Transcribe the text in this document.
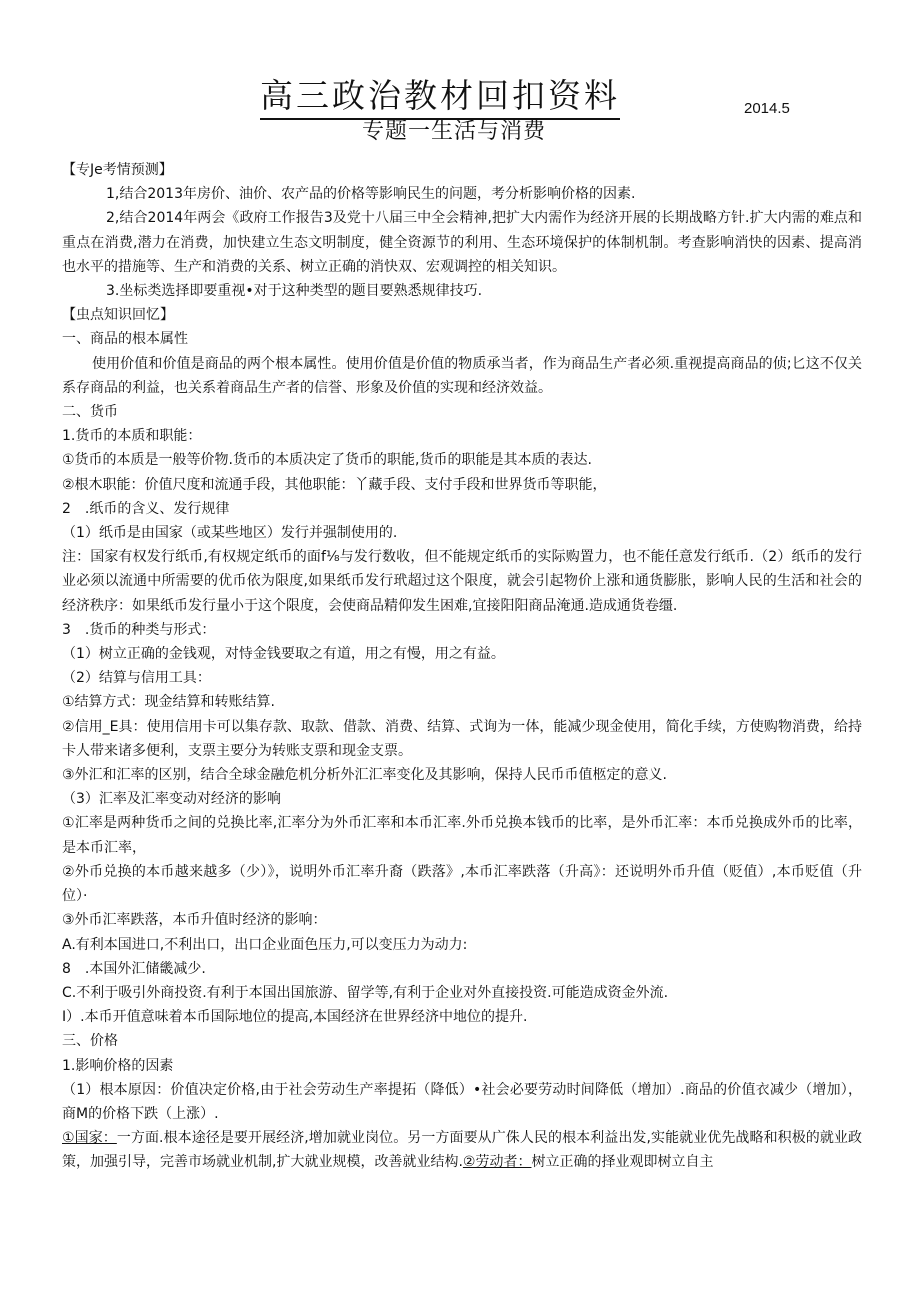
高三政治教材回扣资料	2014.5
专题一生活与消费

【专Je考情预测】

1,结合2013年房价、油价、农产品的价格等影响民生的问题，考分析影响价格的因素.

2,结合2014年两会《政府工作报告3及党十八届三中全会精神,把扩大内需作为经济开展的长期战略方针.扩大内需的难点和重点在消费,潜力在消费，加快建立生态文明制度，健全资源节的利用、生态环境保护的体制机制。考查影响消快的因素、提高消也水平的措施等、生产和消费的关系、树立正确的消快双、宏观调控的相关知识。

3.坐标类选择即要重视•对于这种类型的题目要熟悉规律技巧.

【虫点知识回忆】

一、商品的根本属性

使用价值和价值是商品的两个根本属性。使用价值是价值的物质承当者，作为商品生产者必须.重视提高商品的侦;匕这不仅关系存商品的利益，也关系着商品生产者的信誉、形象及价值的实现和经济效益。

二、货币

1.货币的本质和职能：

①货币的本质是一般等价物.货币的本质决定了货币的职能,货币的职能是其本质的表达.

②根木职能：价值尺度和流通手段，其他职能：丫藏手段、支付手段和世界货币等职能，

2　.纸币的含义、发行规律

（1）纸币是由国家（或某些地区）发行并强制使用的.

注：国家有权发行纸币,有权规定纸币的面f⅛与发行数收，但不能规定纸币的实际购置力，也不能任意发行纸币.（2）纸币的发行业必须以流通中所需要的优币依为限度,如果纸币发行玳超过这个限度，就会引起物价上涨和通货膨胀，影响人民的生活和社会的经济秩序：如果纸币发行量小于这个限度，会使商品精仰发生困难,宜接阳阳商品淹通.造成通货卷缰.

3　.货币的种类与形式：

（1）树立正确的金钱观，对恃金钱要取之有道，用之有慢，用之有益。

（2）结算与信用工具：

①结算方式：现金结算和转账结算.

②信用_E具：使用信用卡可以集存款、取款、借款、消费、结算、式询为一体，能减少现金使用，简化手续，方使购物消费，给持卡人带来诸多便利，支票主要分为转账支票和现金支票。

③外汇和汇率的区别，结合全球金融危机分析外汇汇率变化及其影响，保持人民币币值柩定的意义.

（3）汇率及汇率变动对经济的影响

①汇率是两种货币之间的兑换比率,汇率分为外币汇率和本币汇率.外币兑换本钱币的比率，是外币汇率：本币兑换成外币的比率，是本币汇率，

②外币兑换的本币越来越多（少）》，说明外币汇率升裔（跌落》,本币汇率跌落（升高》：还说明外币升值（贬值）,本币贬值（升位）·

③外币汇率跌落，本币升值时经济的影响：

A.有利本国进口,不利出口，出口企业面色压力,可以变压力为动力:

8　.本国外汇储畿减少.

C.不利于吸引外商投资.有利于本国出国旅游、留学等,有利于企业对外直接投资.可能造成资金外流.

I）.本币开值意味着本币国际地位的提高,本国经济在世界经济中地位的提升.

三、价格

1.影响价格的因素

（1）根本原因：价值决定价格,由于社会劳动生产率提拓（降低）•社会必要劳动时间降低（增加）.商品的价值衣减少（增加），商M的价格下跌（上涨）.

①国家：一方面.根本途径是要开展经济,增加就业岗位。另一方面要从广侏人民的根本利益出发,实能就业优先战略和积极的就业政策，加强引导，完善市场就业机制,扩大就业规模，改善就业结构.②劳动者：树立正确的择业观即树立自主
